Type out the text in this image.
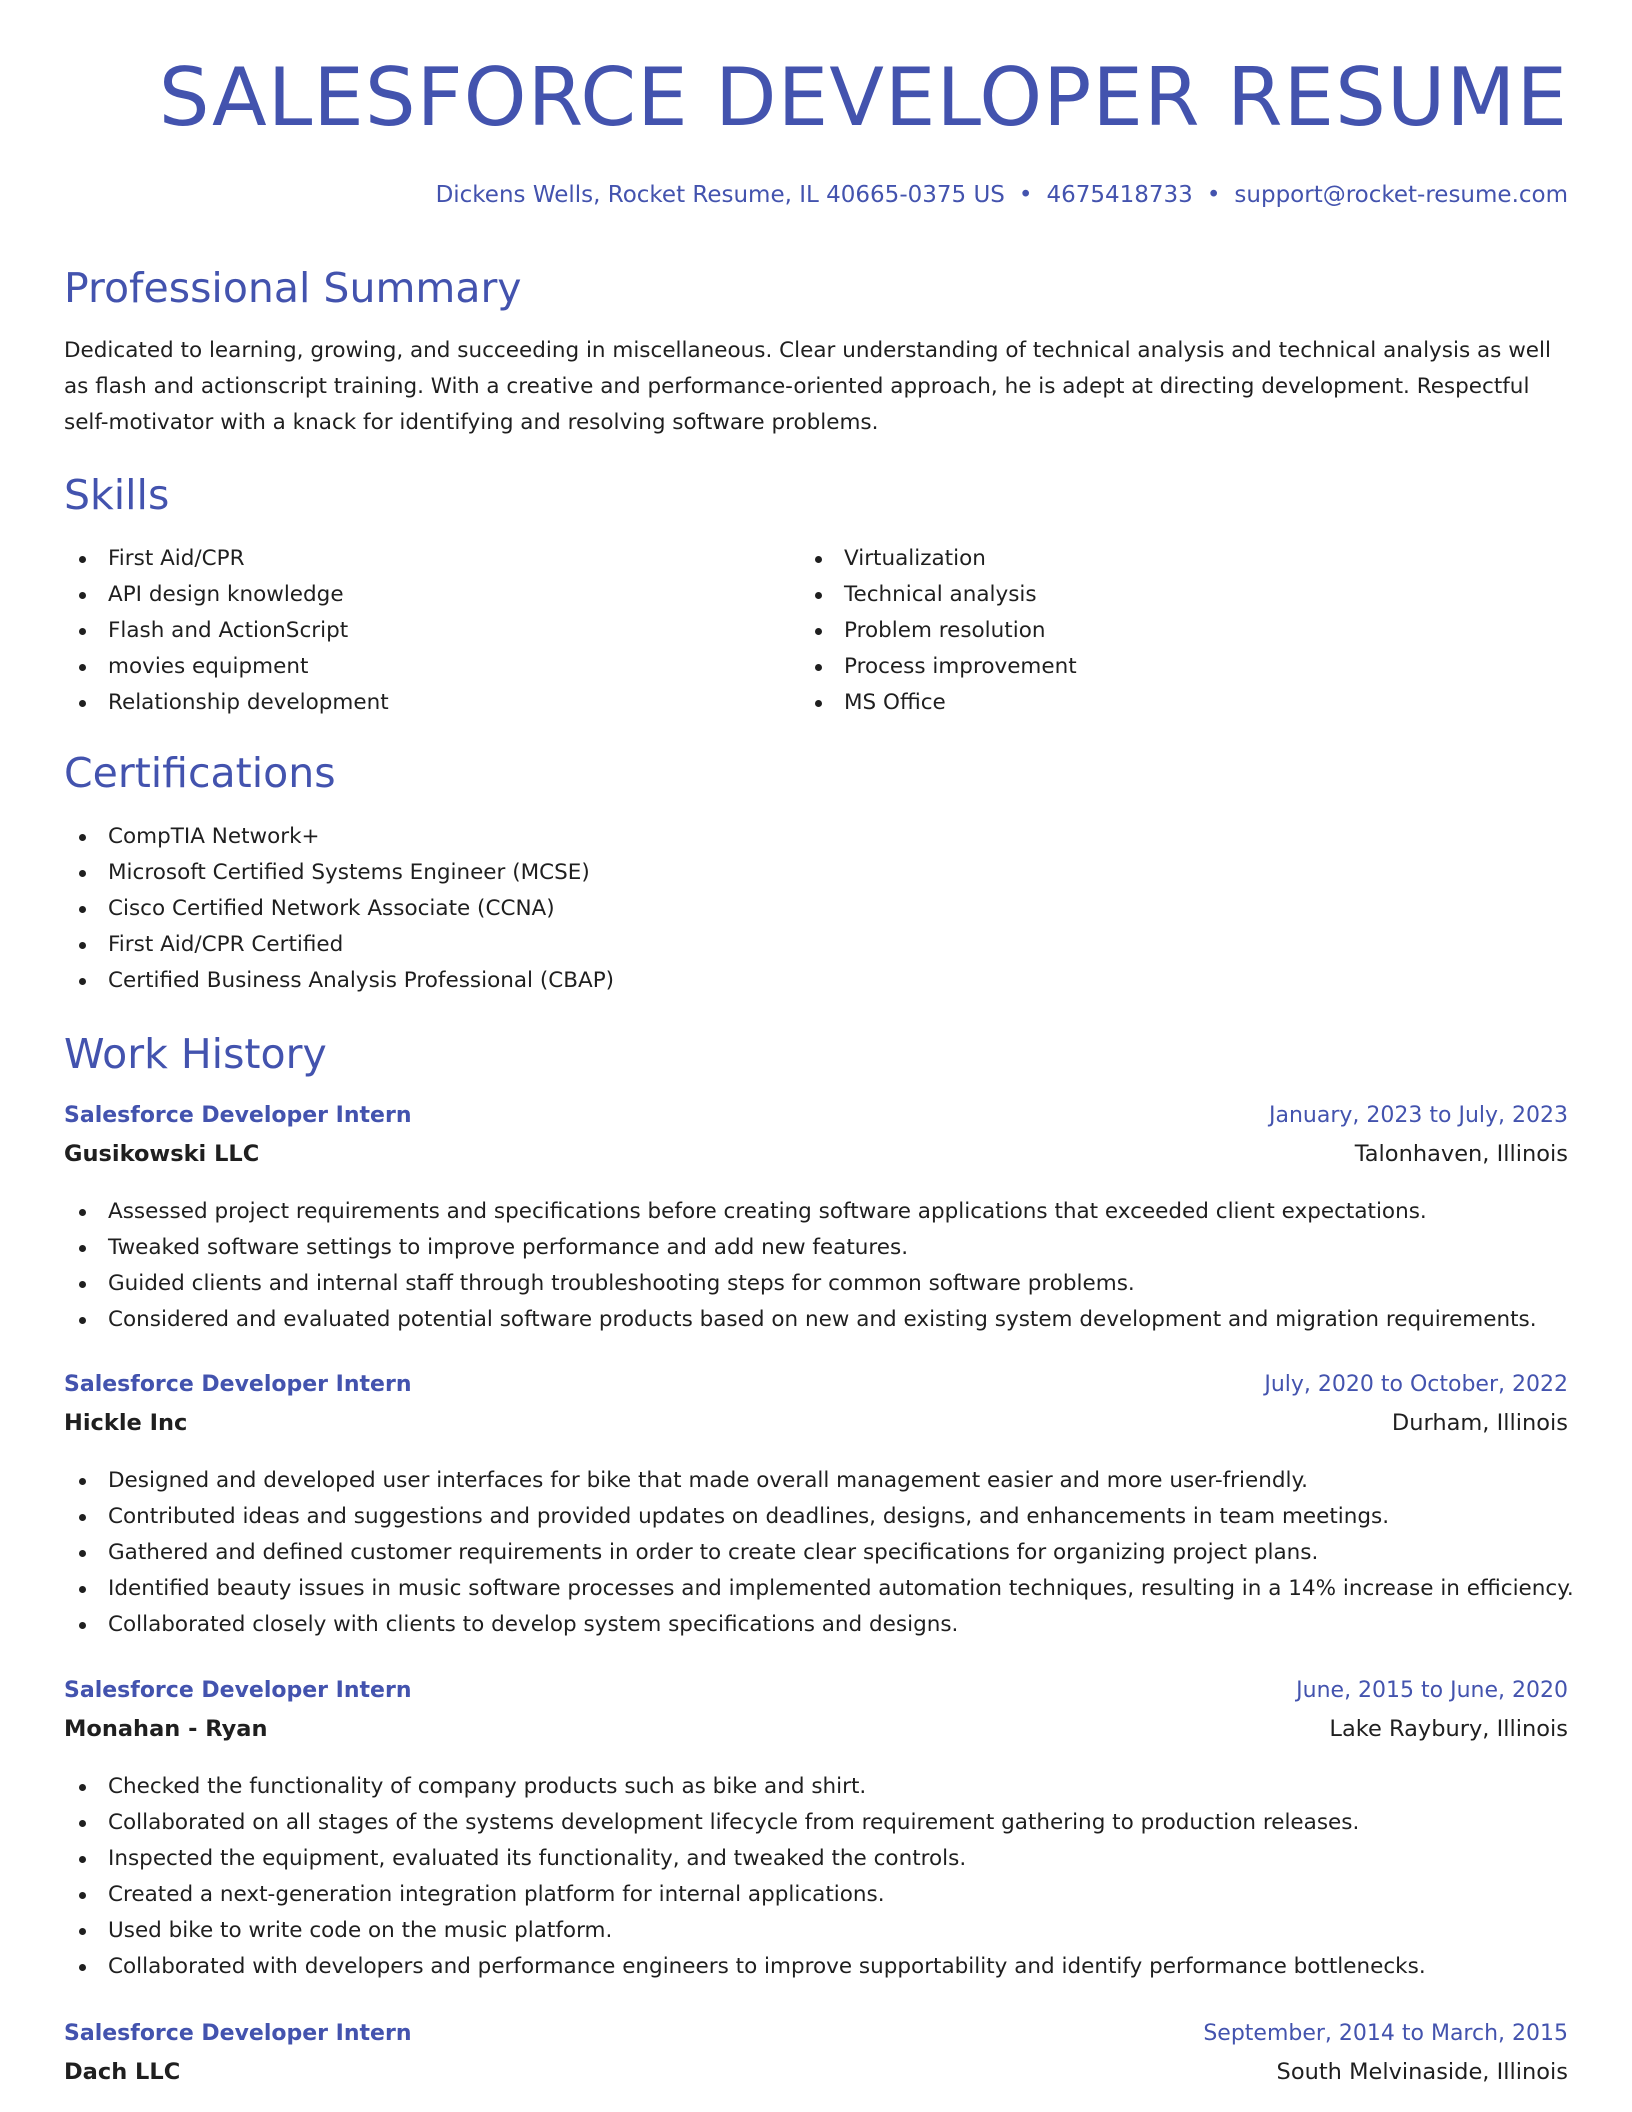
SALESFORCE DEVELOPER RESUME
Dickens Wells, Rocket Resume, IL 40665-0375 US • 4675418733 • support@rocket-resume.com
Professional Summary

Dedicated to learning, growing, and succeeding in miscellaneous. Clear understanding of technical analysis and technical analysis as well as flash and actionscript training. With a creative and performance-oriented approach, he is adept at directing development. Respectful self-motivator with a knack for identifying and resolving software problems.

Skills
First Aid/CPR
API design knowledge
Flash and ActionScript
movies equipment
Relationship development
Virtualization
Technical analysis
Problem resolution
Process improvement
MS Office
Certifications
CompTIA Network+
Microsoft Certified Systems Engineer (MCSE)
Cisco Certified Network Associate (CCNA)
First Aid/CPR Certified
Certified Business Analysis Professional (CBAP)
Work History
Salesforce Developer Intern	January, 2023 to July, 2023
Gusikowski LLC	Talonhaven, Illinois
Assessed project requirements and specifications before creating software applications that exceeded client expectations.
Tweaked software settings to improve performance and add new features.
Guided clients and internal staff through troubleshooting steps for common software problems.
Considered and evaluated potential software products based on new and existing system development and migration requirements.
Salesforce Developer Intern	July, 2020 to October, 2022
Hickle Inc	Durham, Illinois
Designed and developed user interfaces for bike that made overall management easier and more user-friendly.
Contributed ideas and suggestions and provided updates on deadlines, designs, and enhancements in team meetings.
Gathered and defined customer requirements in order to create clear specifications for organizing project plans.
Identified beauty issues in music software processes and implemented automation techniques, resulting in a 14% increase in efficiency.
Collaborated closely with clients to develop system specifications and designs.
Salesforce Developer Intern	June, 2015 to June, 2020
Monahan - Ryan	Lake Raybury, Illinois
Checked the functionality of company products such as bike and shirt.
Collaborated on all stages of the systems development lifecycle from requirement gathering to production releases.
Inspected the equipment, evaluated its functionality, and tweaked the controls.
Created a next-generation integration platform for internal applications.
Used bike to write code on the music platform.
Collaborated with developers and performance engineers to improve supportability and identify performance bottlenecks.
Salesforce Developer Intern	September, 2014 to March, 2015
Dach LLC	South Melvinaside, Illinois
